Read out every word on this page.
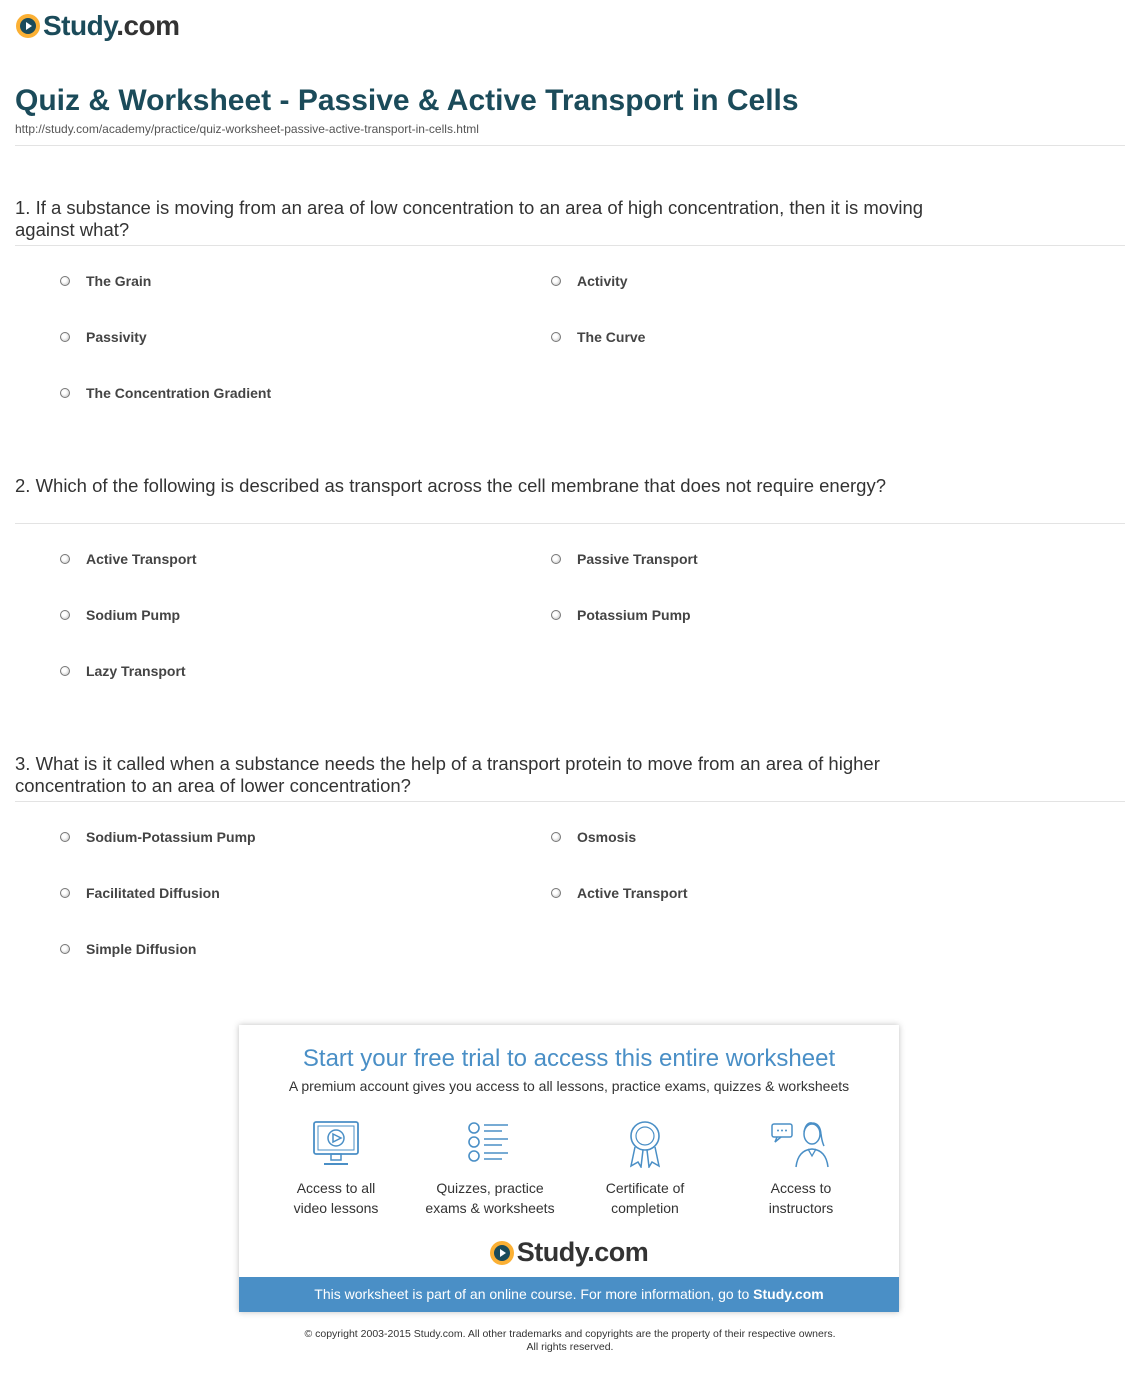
Study.com
Quiz & Worksheet - Passive & Active Transport in Cells
http://study.com/academy/practice/quiz-worksheet-passive-active-transport-in-cells.html
1. If a substance is moving from an area of low concentration to an area of high concentration, then it is moving against what?
The Grain	Activity
Passivity	The Curve
The Concentration Gradient
2. Which of the following is described as transport across the cell membrane that does not require energy?
Active Transport	Passive Transport
Sodium Pump	Potassium Pump
Lazy Transport
3. What is it called when a substance needs the help of a transport protein to move from an area of higher concentration to an area of lower concentration?
Sodium-Potassium Pump	Osmosis
Facilitated Diffusion	Active Transport
Simple Diffusion
Start your free trial to access this entire worksheet
A premium account gives you access to all lessons, practice exams, quizzes & worksheets
Access to all
video lessons
Quizzes, practice
exams & worksheets
Certificate of
completion
Access to
instructors
Study.com
This worksheet is part of an online course. For more information, go to Study.com
© copyright 2003-2015 Study.com. All other trademarks and copyrights are the property of their respective owners.
All rights reserved.
